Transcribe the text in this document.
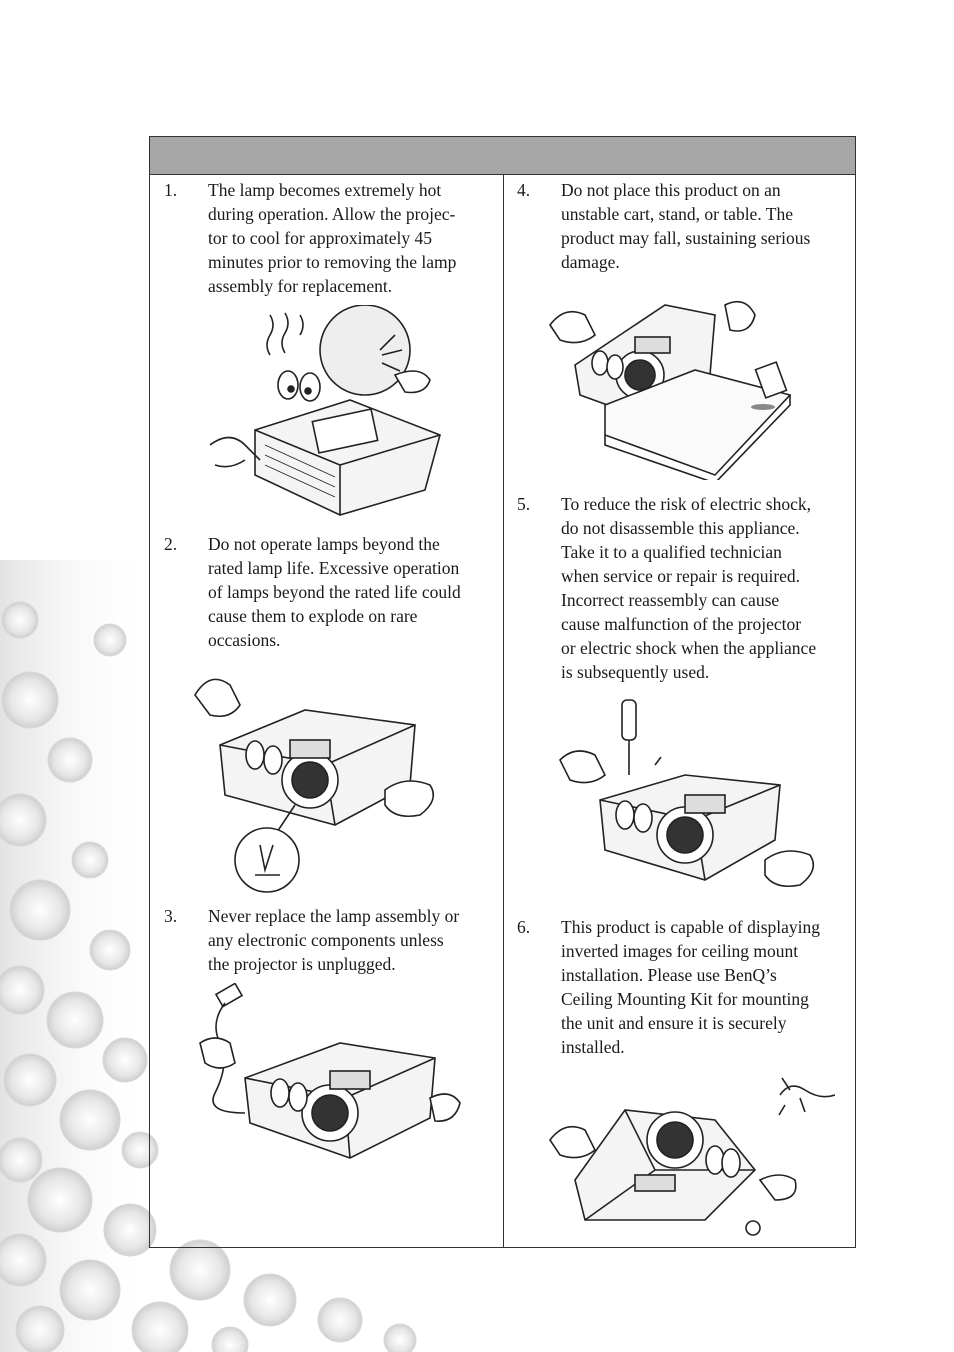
1. The lamp becomes extremely hot
during operation. Allow the projec-
tor to cool for approximately 45
minutes prior to removing the lamp
assembly for replacement.
2. Do not operate lamps beyond the
rated lamp life. Excessive operation
of lamps beyond the rated life could
cause them to explode on rare
occasions.
3. Never replace the lamp assembly or
any electronic components unless
the projector is unplugged.
4. Do not place this product on an
unstable cart, stand, or table. The
product may fall, sustaining serious
damage.
5. To reduce the risk of electric shock,
do not disassemble this appliance.
Take it to a qualified technician
when service or repair is required.
Incorrect reassembly can cause
cause malfunction of the projector
or electric shock when the appliance
is subsequently used.
6. This product is capable of displaying
inverted images for ceiling mount
installation. Please use BenQ’s
Ceiling Mounting Kit for mounting
the unit and ensure it is securely
installed.
